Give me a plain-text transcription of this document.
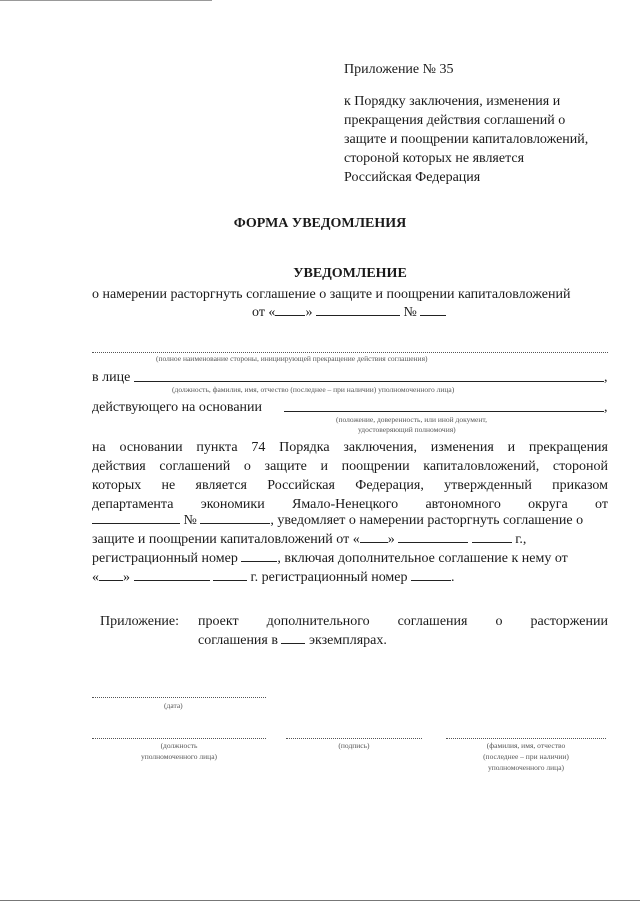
Приложение № 35
к Порядку заключения, изменения и
прекращения действия соглашений о
защите и поощрении капиталовложений,
стороной которых не является
Российская Федерация
ФОРМА УВЕДОМЛЕНИЯ
УВЕДОМЛЕНИЕ
о намерении расторгнуть соглашение о защите и поощрении капиталовложений
от « »	№
(полное наименование стороны, инициирующей прекращение действия соглашения)
в лице	,
(должность, фамилия, имя, отчество (последнее – при наличии) уполномоченного лица)
действующего на основании	,
(положение, доверенность, или иной документ,
удостоверяющий полномочия)
на основании пункта 74 Порядка заключения, изменения и прекращения
действия соглашений о защите и поощрении капиталовложений, стороной
которых не является Российская Федерация, утвержденный приказом
департамента экономики Ямало-Ненецкого автономного округа от
№	, уведомляет о намерении расторгнуть соглашение о
защите и поощрении капиталовложений от « »	г.,
регистрационный номер	, включая дополнительное соглашение к нему от
« »	г. регистрационный номер	.
Приложение: проект дополнительного соглашения о расторжении
соглашения в экземплярах.
(дата)
(должность
уполномоченного лица)
(подпись)	(фамилия, имя, отчество
(последнее – при наличии)
уполномоченного лица)
